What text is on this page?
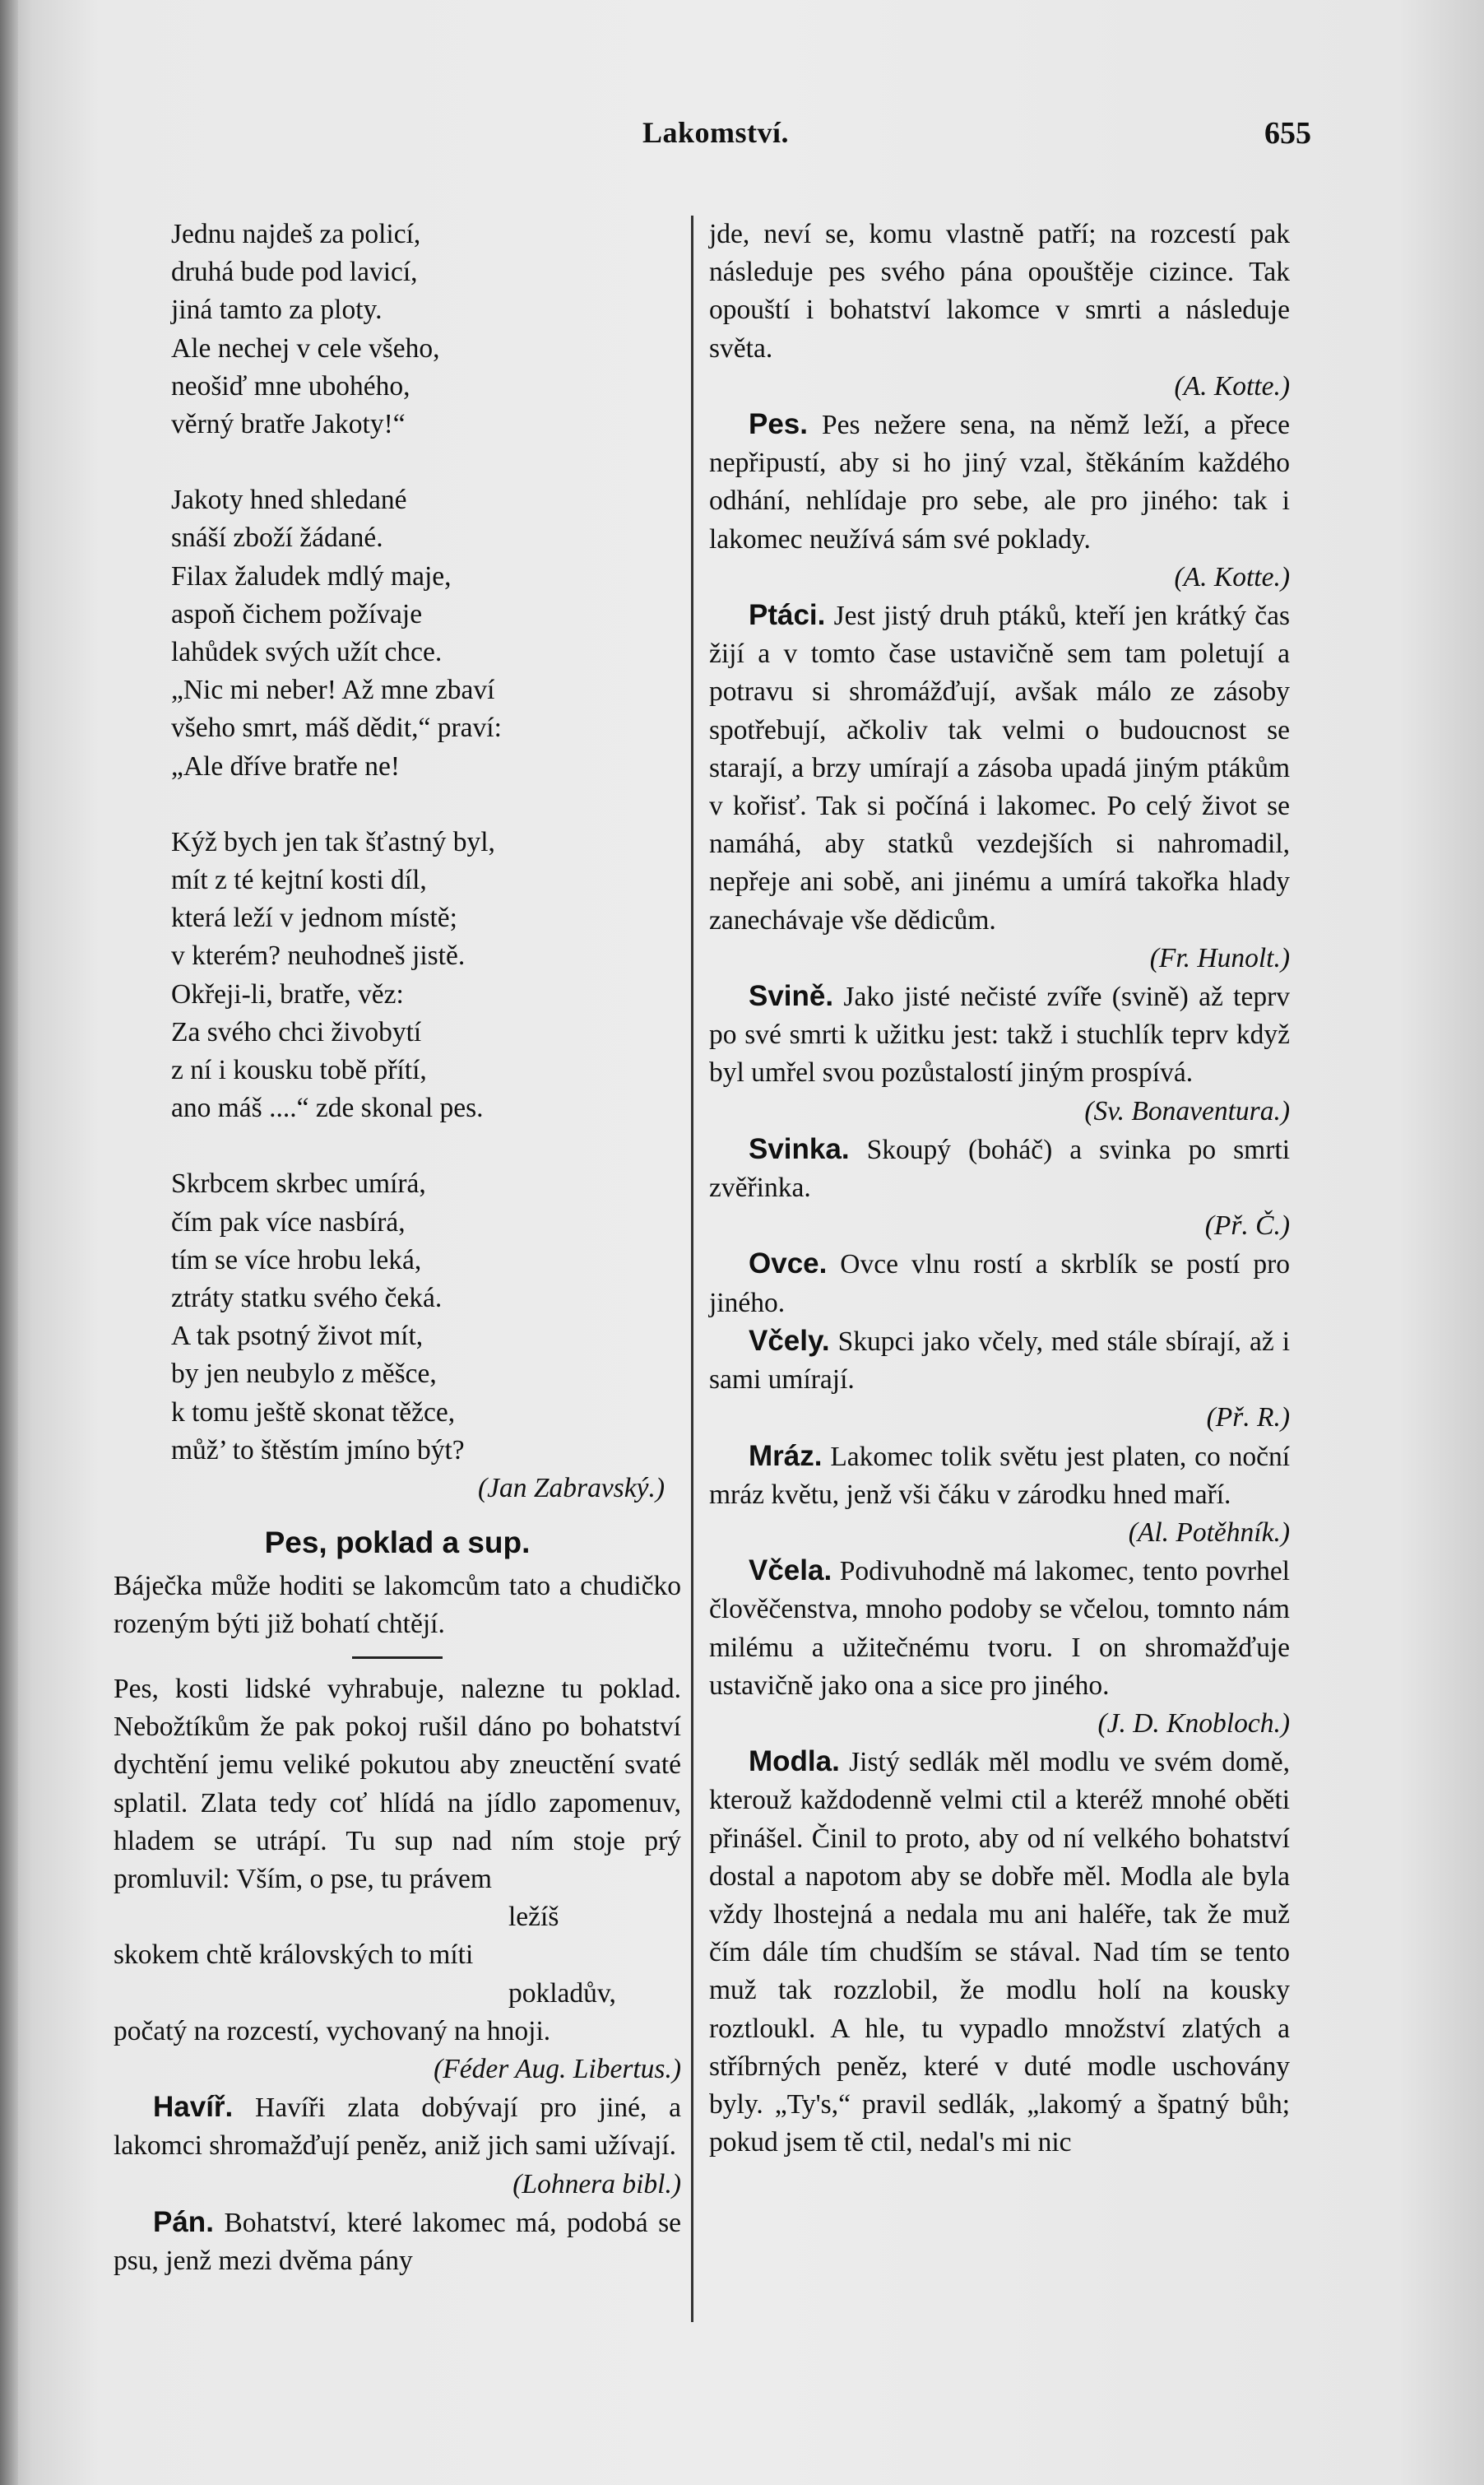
Lakomství.	655
Jednu najdeš za policí,
druhá bude pod lavicí,
jiná tamto za ploty.
Ale nechej v cele všeho,
neošiď mne ubohého,
věrný bratře Jakoty!“
Jakoty hned shledané
snáší zboží žádané.
Filax žaludek mdlý maje,
aspoň čichem požívaje
lahůdek svých užít chce.
„Nic mi neber! Až mne zbaví
všeho smrt, máš dědit,“ praví:
„Ale dříve bratře ne!
Kýž bych jen tak šťastný byl,
mít z té kejtní kosti díl,
která leží v jednom místě;
v kterém? neuhodneš jistě.
Okřeji-li, bratře, věz:
Za svého chci živobytí
z ní i kousku tobě přítí,
ano máš ....“ zde skonal pes.
Skrbcem skrbec umírá,
čím pak více nasbírá,
tím se více hrobu leká,
ztráty statku svého čeká.
A tak psotný život mít,
by jen neubylo z měšce,
k tomu ještě skonat těžce,
můž’ to štěstím jmíno být?
(Jan Zabravský.)
Pes, poklad a sup.
Báječka může hoditi se lakomcům tato a chudičko rozeným býti již bohatí chtějí.
Pes, kosti lidské vyhrabuje, nalezne tu poklad. Nebožtíkům že pak pokoj rušil dáno po bohatství dychtění jemu veliké pokutou aby zneuctění svaté splatil. Zlata tedy coť hlídá na jídlo zapomenuv, hladem se utrápí. Tu sup nad ním stoje prý promluvil: Vším, o pse, tu právem
ležíš
skokem chtě královských to míti
pokladův,
počatý na rozcestí, vychovaný na hnoji.
(Féder Aug. Libertus.)
Havíř. Havíři zlata dobývají pro jiné, a lakomci shromažďují peněz, aniž jich sami užívají.
(Lohnera bibl.)
Pán. Bohatství, které lakomec má, podobá se psu, jenž mezi dvěma pány
jde, neví se, komu vlastně patří; na rozcestí pak následuje pes svého pána opouštěje cizince. Tak opouští i bohatství lakomce v smrti a následuje světa.
(A. Kotte.)
Pes. Pes nežere sena, na němž leží, a přece nepřipustí, aby si ho jiný vzal, štěkáním každého odhání, nehlídaje pro sebe, ale pro jiného: tak i lakomec neužívá sám své poklady.
(A. Kotte.)
Ptáci. Jest jistý druh ptáků, kteří jen krátký čas žijí a v tomto čase ustavičně sem tam poletují a potravu si shromážďují, avšak málo ze zásoby spotřebují, ačkoliv tak velmi o budoucnost se starají, a brzy umírají a zásoba upadá jiným ptákům v kořisť. Tak si počíná i lakomec. Po celý život se namáhá, aby statků vezdejších si nahromadil, nepřeje ani sobě, ani jinému a umírá takořka hlady zanechávaje vše dědicům.
(Fr. Hunolt.)
Svině. Jako jisté nečisté zvíře (svině) až teprv po své smrti k užitku jest: takž i stuchlík teprv když byl umřel svou pozůstalostí jiným prospívá.
(Sv. Bonaventura.)
Svinka. Skoupý (boháč) a svinka po smrti zvěřinka.
(Př. Č.)
Ovce. Ovce vlnu rostí a skrblík se postí pro jiného.
Včely. Skupci jako včely, med stále sbírají, až i sami umírají.
(Př. R.)
Mráz. Lakomec tolik světu jest platen, co noční mráz květu, jenž vši čáku v zárodku hned maří.
(Al. Potěhník.)
Včela. Podivuhodně má lakomec, tento povrhel člověčenstva, mnoho podoby se včelou, tomnto nám milému a užitečnému tvoru. I on shromažďuje ustavičně jako ona a sice pro jiného.
(J. D. Knobloch.)
Modla. Jistý sedlák měl modlu ve svém domě, kterouž každodenně velmi ctil a kteréž mnohé oběti přinášel. Činil to proto, aby od ní velkého bohatství dostal a napotom aby se dobře měl. Modla ale byla vždy lhostejná a nedala mu ani haléře, tak že muž čím dále tím chudším se stával. Nad tím se tento muž tak rozzlobil, že modlu holí na kousky roztloukl. A hle, tu vypadlo množství zlatých a stříbrných peněz, které v duté modle uschovány byly. „Ty's,“ pravil sedlák, „lakomý a špatný bůh; pokud jsem tě ctil, nedal's mi nic
